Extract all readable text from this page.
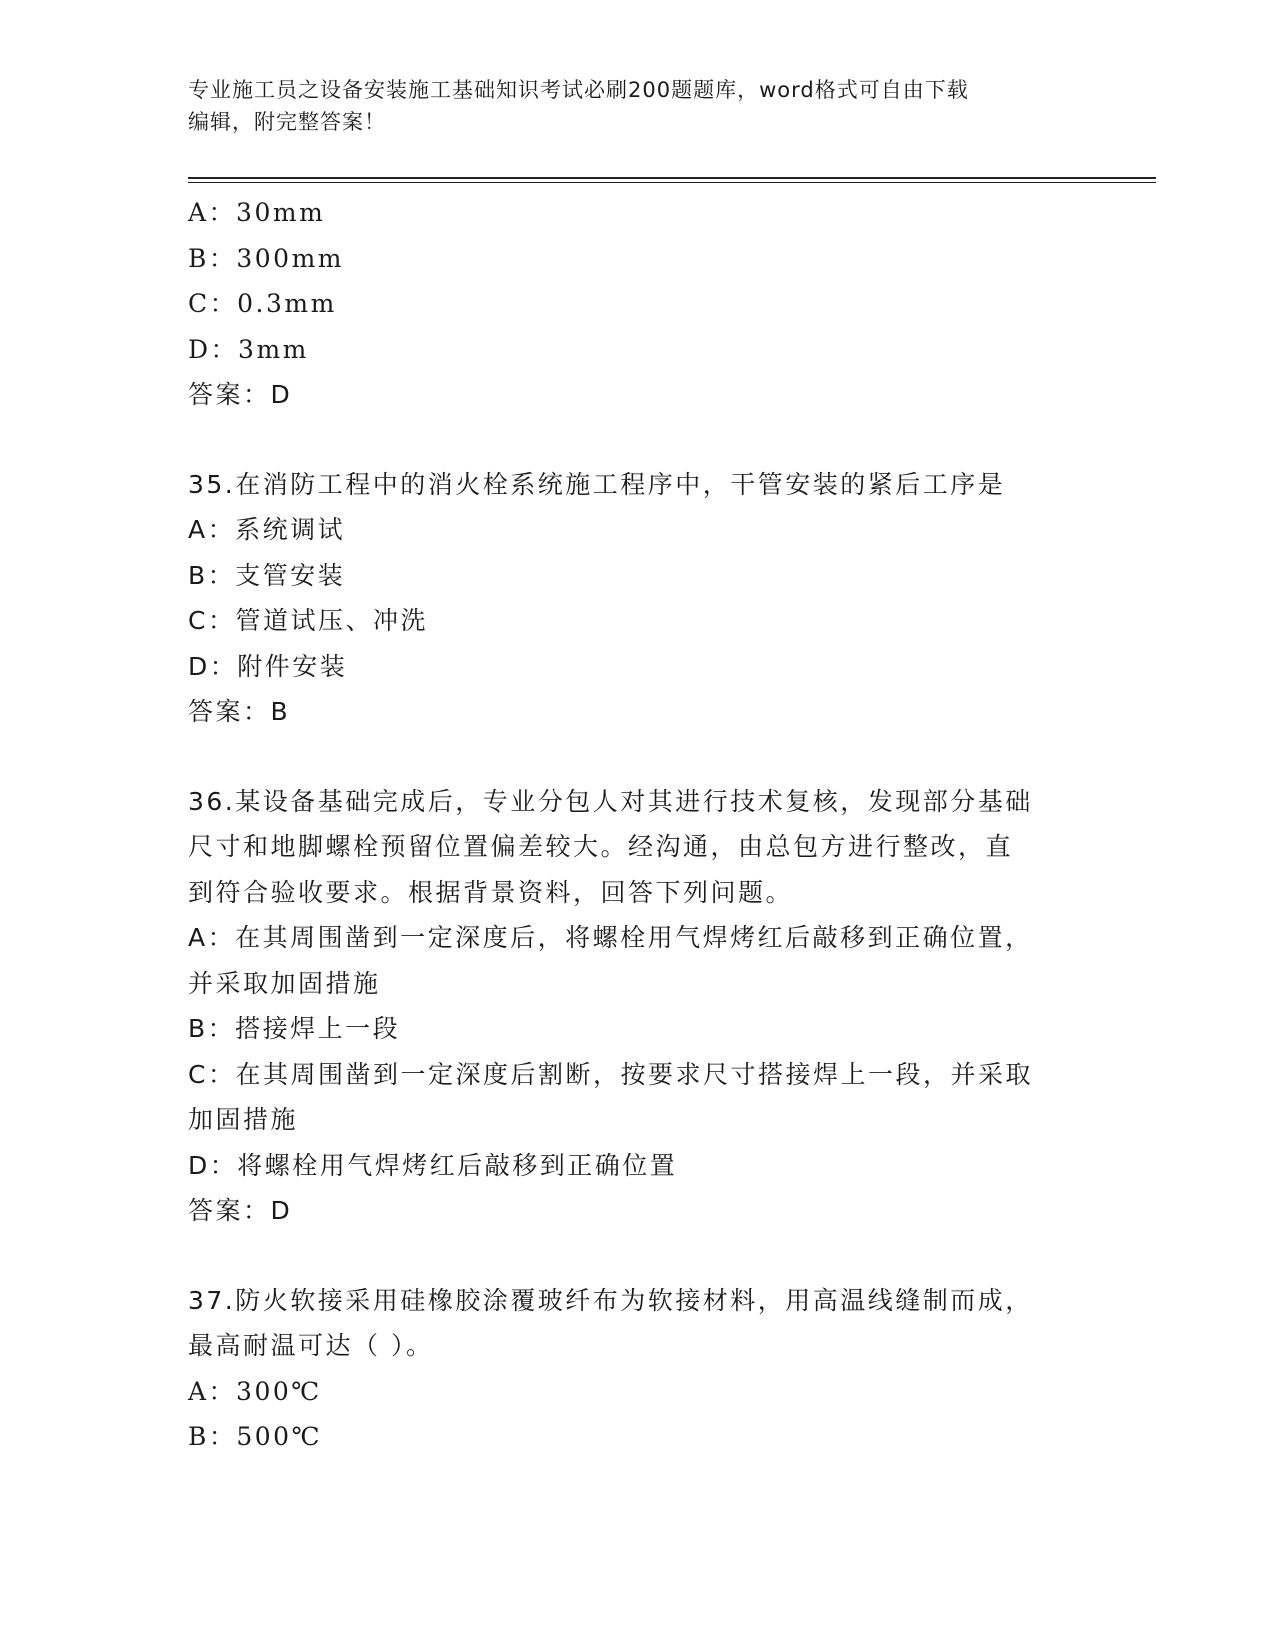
专业施工员之设备安装施工基础知识考试必刷200题题库，word格式可自由下载
编辑，附完整答案！
A：30mm
B：300mm
C：0.3mm
D：3mm
答案：D
35.在消防工程中的消火栓系统施工程序中，干管安装的紧后工序是
A：系统调试
B：支管安装
C：管道试压、冲洗
D：附件安装
答案：B
36.某设备基础完成后，专业分包人对其进行技术复核，发现部分基础
尺寸和地脚螺栓预留位置偏差较大。经沟通，由总包方进行整改，直
到符合验收要求。根据背景资料，回答下列问题。
A：在其周围凿到一定深度后，将螺栓用气焊烤红后敲移到正确位置，
并采取加固措施
B：搭接焊上一段
C：在其周围凿到一定深度后割断，按要求尺寸搭接焊上一段，并采取
加固措施
D：将螺栓用气焊烤红后敲移到正确位置
答案：D
37.防火软接采用硅橡胶涂覆玻纤布为软接材料，用高温线缝制而成，
最高耐温可达（ ）。
A：300℃
B：500℃
